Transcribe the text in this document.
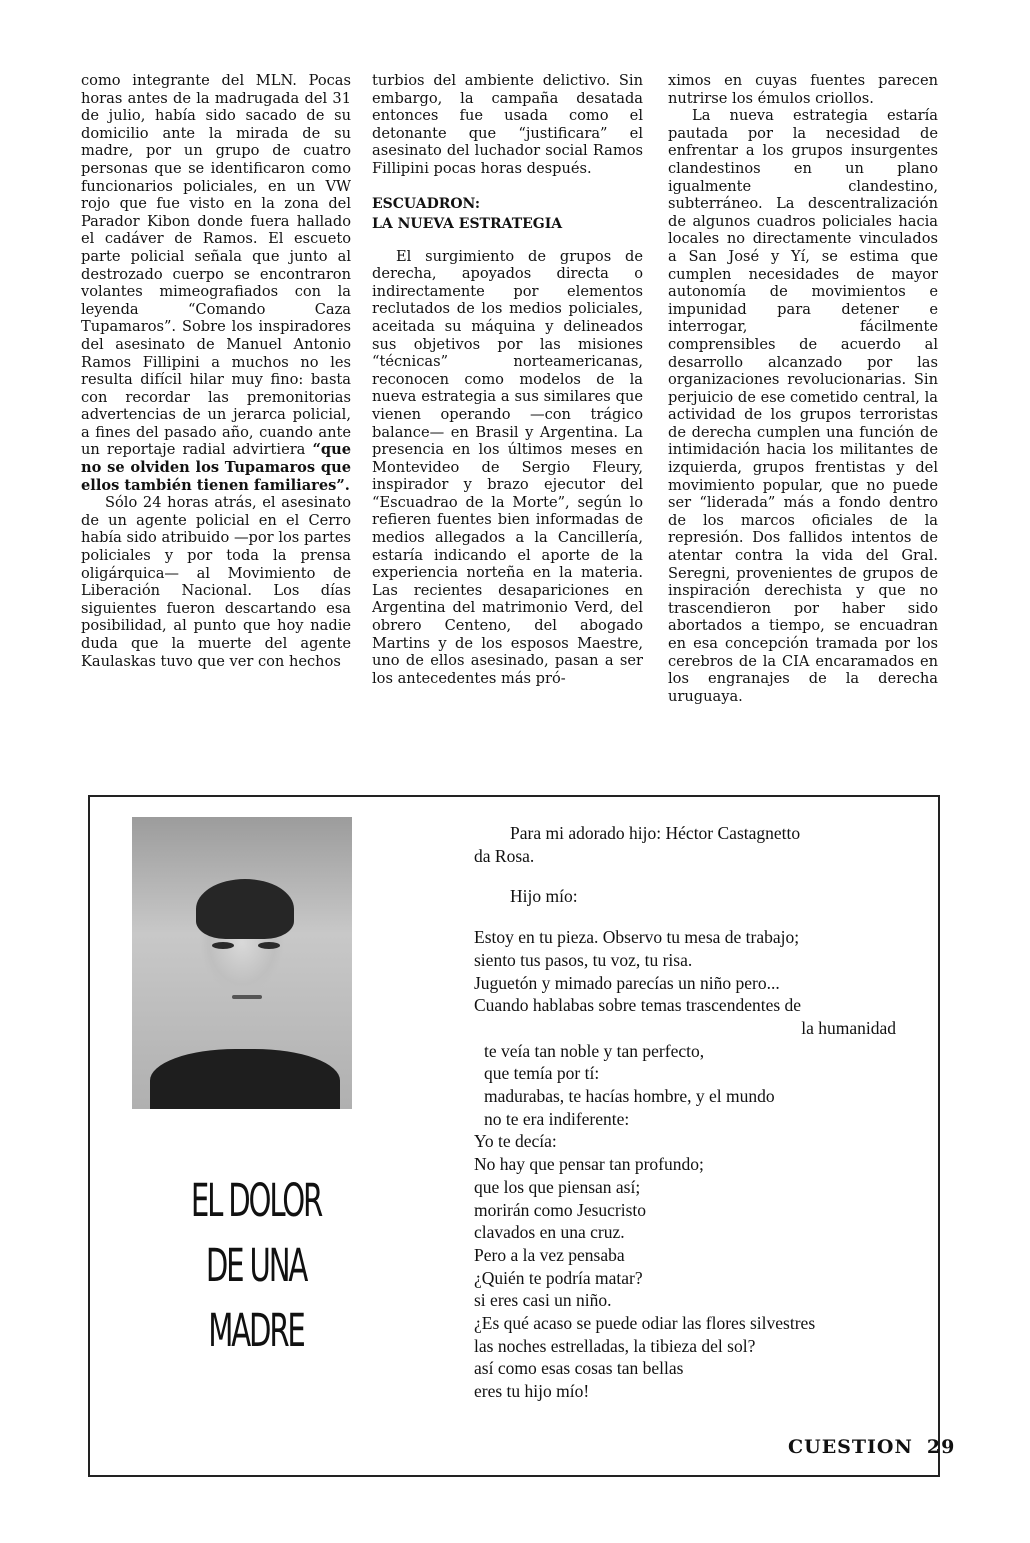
como integrante del MLN. Pocas horas antes de la madrugada del 31 de julio, había sido sacado de su domicilio ante la mirada de su madre, por un grupo de cuatro personas que se identificaron como funcionarios policiales, en un VW rojo que fue visto en la zona del Parador Kibon donde fuera hallado el cadáver de Ramos. El escueto parte policial señala que junto al destrozado cuerpo se encontraron volantes mimeografiados con la leyenda “Comando Caza Tupamaros”. Sobre los inspiradores del asesinato de Manuel Antonio Ramos Fillipini a muchos no les resulta difícil hilar muy fino: basta con recordar las premonitorias advertencias de un jerarca policial, a fines del pasado año, cuando ante un reportaje radial advirtiera “que no se olviden los Tupamaros que ellos también tienen familiares”.

Sólo 24 horas atrás, el asesinato de un agente policial en el Cerro había sido atribuido —por los partes policiales y por toda la prensa oligárquica— al Movimiento de Liberación Nacional. Los días siguientes fueron descartando esa posibilidad, al punto que hoy nadie duda que la muerte del agente Kaulaskas tuvo que ver con hechos

turbios del ambiente delictivo. Sin embargo, la campaña desatada entonces fue usada como el detonante que “justificara” el asesinato del luchador social Ramos Fillipini pocas horas después.

ESCUADRON:
LA NUEVA ESTRATEGIA

El surgimiento de grupos de derecha, apoyados directa o indirectamente por elementos reclutados de los medios policiales, aceitada su máquina y delineados sus objetivos por las misiones “técnicas” norteamericanas, reconocen como modelos de la nueva estrategia a sus similares que vienen operando —con trágico balance— en Brasil y Argentina. La presencia en los últimos meses en Montevideo de Sergio Fleury, inspirador y brazo ejecutor del “Escuadrao de la Morte”, según lo refieren fuentes bien informadas de medios allegados a la Cancillería, estaría indicando el aporte de la experiencia norteña en la materia. Las recientes desapariciones en Argentina del matrimonio Verd, del obrero Centeno, del abogado Martins y de los esposos Maestre, uno de ellos asesinado, pasan a ser los antecedentes más pró-

ximos en cuyas fuentes parecen nutrirse los émulos criollos.

La nueva estrategia estaría pautada por la necesidad de enfrentar a los grupos insurgentes clandestinos en un plano igualmente clandestino, subterráneo. La descentralización de algunos cuadros policiales hacia locales no directamente vinculados a San José y Yí, se estima que cumplen necesidades de mayor autonomía de movimientos e impunidad para detener e interrogar, fácilmente comprensibles de acuerdo al desarrollo alcanzado por las organizaciones revolucionarias. Sin perjuicio de ese cometido central, la actividad de los grupos terroristas de derecha cumplen una función de intimidación hacia los militantes de izquierda, grupos frentistas y del movimiento popular, que no puede ser “liderada” más a fondo dentro de los marcos oficiales de la represión. Dos fallidos intentos de atentar contra la vida del Gral. Seregni, provenientes de grupos de inspiración derechista y que no trascendieron por haber sido abortados a tiempo, se encuadran en esa concepción tramada por los cerebros de la CIA encaramados en los engranajes de la derecha uruguaya.

EL DOLOR
DE UNA
MADRE
Para mi adorado hijo: Héctor Castagnetto
da Rosa.
Hijo mío:
Estoy en tu pieza. Observo tu mesa de trabajo;
siento tus pasos, tu voz, tu risa.
Juguetón y mimado parecías un niño pero...
Cuando hablabas sobre temas trascendentes de
la humanidad
te veía tan noble y tan perfecto,
que temía por tí:
madurabas, te hacías hombre, y el mundo
no te era indiferente:
Yo te decía:
No hay que pensar tan profundo;
que los que piensan así;
morirán como Jesucristo
clavados en una cruz.
Pero a la vez pensaba
¿Quién te podría matar?
si eres casi un niño.
¿Es qué acaso se puede odiar las flores silvestres
las noches estrelladas, la tibieza del sol?
así como esas cosas tan bellas
eres tu hijo mío!
CUESTION 29
